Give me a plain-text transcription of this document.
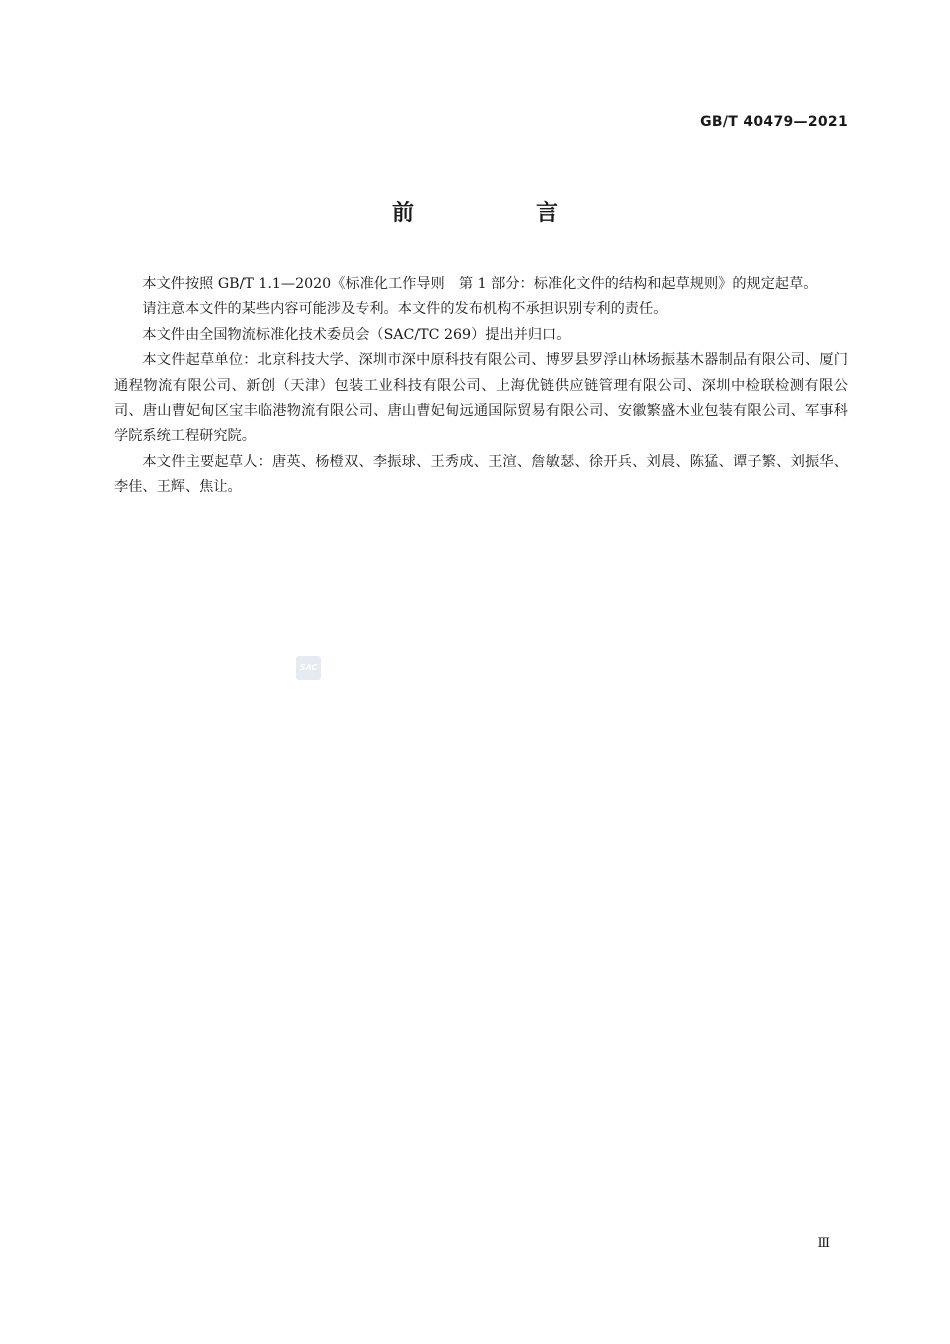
GB/T 40479—2021
前　言

本文件按照 GB/T 1.1—2020《标准化工作导则　第 1 部分：标准化文件的结构和起草规则》的规定起草。

请注意本文件的某些内容可能涉及专利。本文件的发布机构不承担识别专利的责任。

本文件由全国物流标准化技术委员会（SAC/TC 269）提出并归口。

本文件起草单位：北京科技大学、深圳市深中原科技有限公司、博罗县罗浮山林场振基木器制品有限公司、厦门通程物流有限公司、新创（天津）包装工业科技有限公司、上海优链供应链管理有限公司、深圳中检联检测有限公司、唐山曹妃甸区宝丰临港物流有限公司、唐山曹妃甸远通国际贸易有限公司、安徽繁盛木业包装有限公司、军事科学院系统工程研究院。

本文件主要起草人：唐英、杨橙双、李振球、王秀成、王渲、詹敏瑟、徐开兵、刘晨、陈猛、谭子繁、刘振华、李佳、王辉、焦让。

SAC
Ⅲ
